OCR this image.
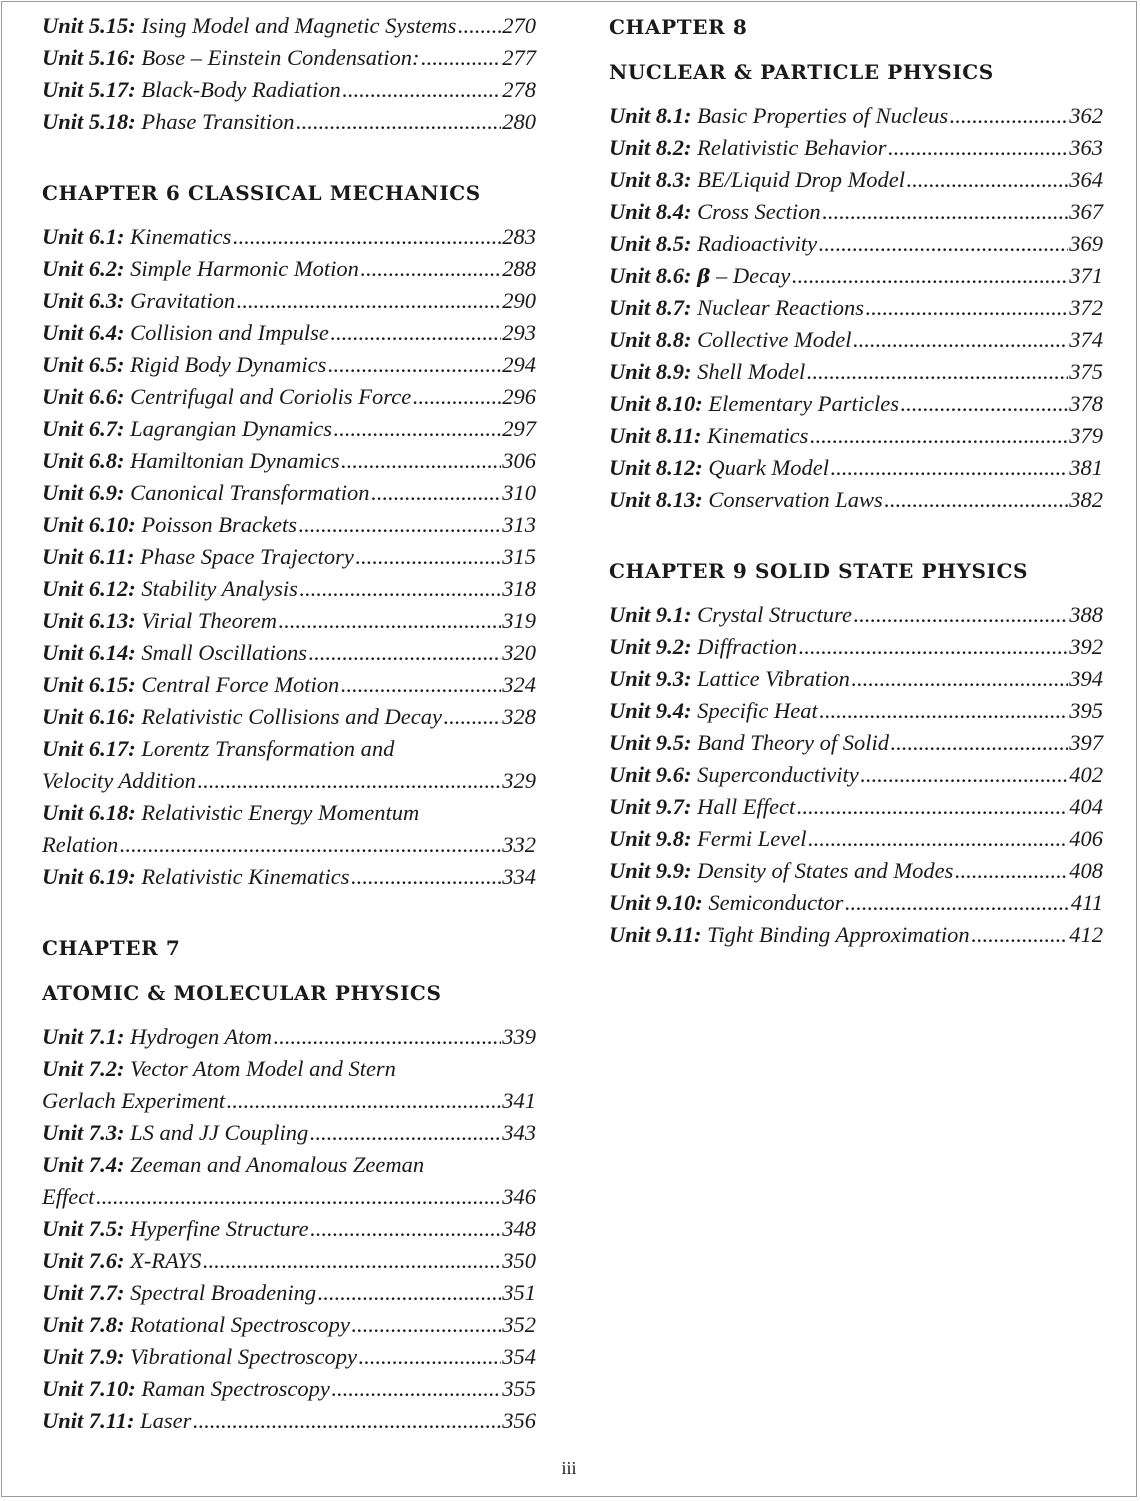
Unit 5.15:
Ising Model and Magnetic Systems ..... 270
Unit 5.16:
Bose – Einstein Condensation: .....	277
Unit 5.17:
Black-Body Radiation .....	278
Unit 5.18:
Phase Transition .....	280
CHAPTER 6 CLASSICAL MECHANICS
Unit 6.1:
Kinematics .....	283
Unit 6.2:
Simple Harmonic Motion .....	288
Unit 6.3:
Gravitation .....	290
Unit 6.4:
Collision and Impulse .....	293
Unit 6.5:
Rigid Body Dynamics .....	294
Unit 6.6:
Centrifugal and Coriolis Force .....	296
Unit 6.7:
Lagrangian Dynamics .....	297
Unit 6.8:
Hamiltonian Dynamics .....	306
Unit 6.9:
Canonical Transformation .....	310
Unit 6.10:
Poisson Brackets .....	313
Unit 6.11:
Phase Space Trajectory .....	315
Unit 6.12:
Stability Analysis .....	318
Unit 6.13:
Virial Theorem .....	319
Unit 6.14:
Small Oscillations .....	320
Unit 6.15:
Central Force Motion .....	324
Unit 6.16:
Relativistic Collisions and Decay .....	328
Unit 6.17:
Lorentz Transformation and
Velocity Addition .....	329
Unit 6.18:
Relativistic Energy Momentum
Relation .....	332
Unit 6.19:
Relativistic Kinematics .....	334
CHAPTER 7
ATOMIC & MOLECULAR PHYSICS
Unit 7.1:
Hydrogen Atom .....	339
Unit 7.2:
Vector Atom Model and Stern
Gerlach Experiment .....	341
Unit 7.3:
LS and JJ Coupling .....	343
Unit 7.4:
Zeeman and Anomalous Zeeman
Effect .....	346
Unit 7.5:
Hyperfine Structure .....	348
Unit 7.6:
X-RAYS .....	350
Unit 7.7:
Spectral Broadening .....	351
Unit 7.8:
Rotational Spectroscopy .....	352
Unit 7.9:
Vibrational Spectroscopy .....	354
Unit 7.10:
Raman Spectroscopy .....	355
Unit 7.11:
Laser .....	356
CHAPTER 8
NUCLEAR & PARTICLE PHYSICS
Unit 8.1:
Basic Properties of Nucleus .....	362
Unit 8.2:
Relativistic Behavior .....	363
Unit 8.3:
BE/Liquid Drop Model .....	364
Unit 8.4:
Cross Section .....	367
Unit 8.5:
Radioactivity .....	369
Unit 8.6:
β
– Decay .....	371
Unit 8.7:
Nuclear Reactions .....	372
Unit 8.8:
Collective Model .....	374
Unit 8.9:
Shell Model .....	375
Unit 8.10:
Elementary Particles .....	378
Unit 8.11:
Kinematics .....	379
Unit 8.12:
Quark Model .....	381
Unit 8.13:
Conservation Laws .....	382
CHAPTER 9 SOLID STATE PHYSICS
Unit 9.1:
Crystal Structure .....	388
Unit 9.2:
Diffraction .....	392
Unit 9.3:
Lattice Vibration .....	394
Unit 9.4:
Specific Heat .....	395
Unit 9.5:
Band Theory of Solid .....	397
Unit 9.6:
Superconductivity .....	402
Unit 9.7:
Hall Effect .....	404
Unit 9.8:
Fermi Level .....	406
Unit 9.9:
Density of States and Modes .....	408
Unit 9.10:
Semiconductor .....	411
Unit 9.11:
Tight Binding Approximation .....	412
iii
